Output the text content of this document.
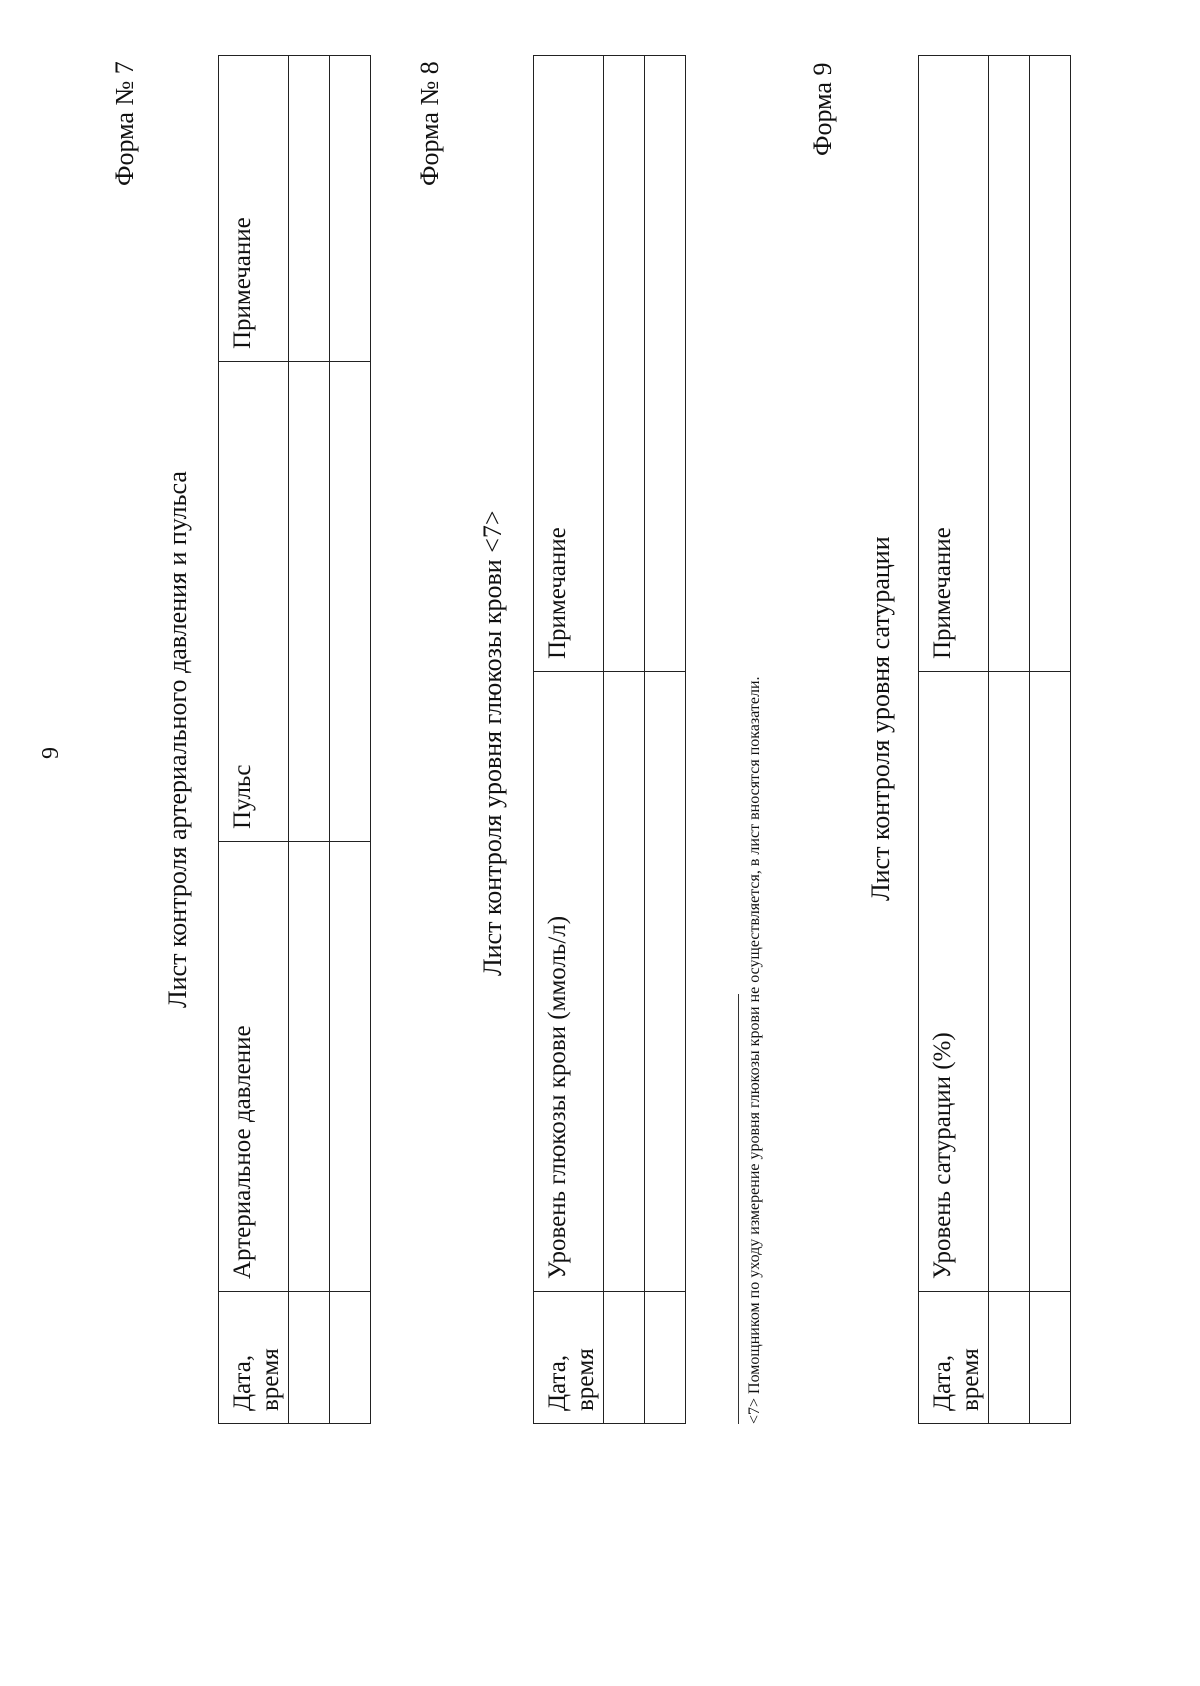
9
Форма № 7
Лист контроля артериального давления и пульса
Дата, время	Артериальное давление	Пульс	Примечание

Форма № 8
Лист контроля уровня глюкозы крови <7>
Дата, время	Уровень глюкозы крови (ммоль/л)	Примечание

<7> Помощником по уходу измерение уровня глюкозы крови не осуществляется, в лист вносятся показатели.
Форма 9
Лист контроля уровня сатурации
Дата, время	Уровень сатурации (%)	Примечание
